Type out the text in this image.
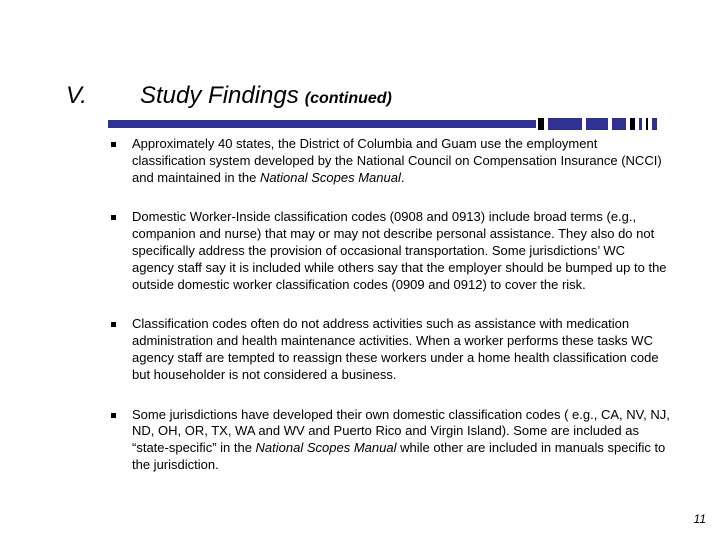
V. Study Findings (continued)
Approximately 40 states, the District of Columbia and Guam use the employment classification system developed by the National Council on Compensation Insurance (NCCI) and maintained in the National Scopes Manual.
Domestic Worker-Inside classification codes (0908 and 0913) include broad terms (e.g., companion and nurse) that may or may not describe personal assistance. They also do not specifically address the provision of occasional transportation. Some jurisdictions’ WC agency staff say it is included while others say that the employer should be bumped up to the outside domestic worker classification codes (0909 and 0912) to cover the risk.
Classification codes often do not address activities such as assistance with medication administration and health maintenance activities. When a worker performs these tasks WC agency staff are tempted to reassign these workers under a home health classification code but householder is not considered a business.
Some jurisdictions have developed their own domestic classification codes ( e.g., CA, NV, NJ, ND, OH, OR, TX, WA and WV and Puerto Rico and Virgin Island). Some are included as “state-specific” in the National Scopes Manual while other are included in manuals specific to the jurisdiction.
11
